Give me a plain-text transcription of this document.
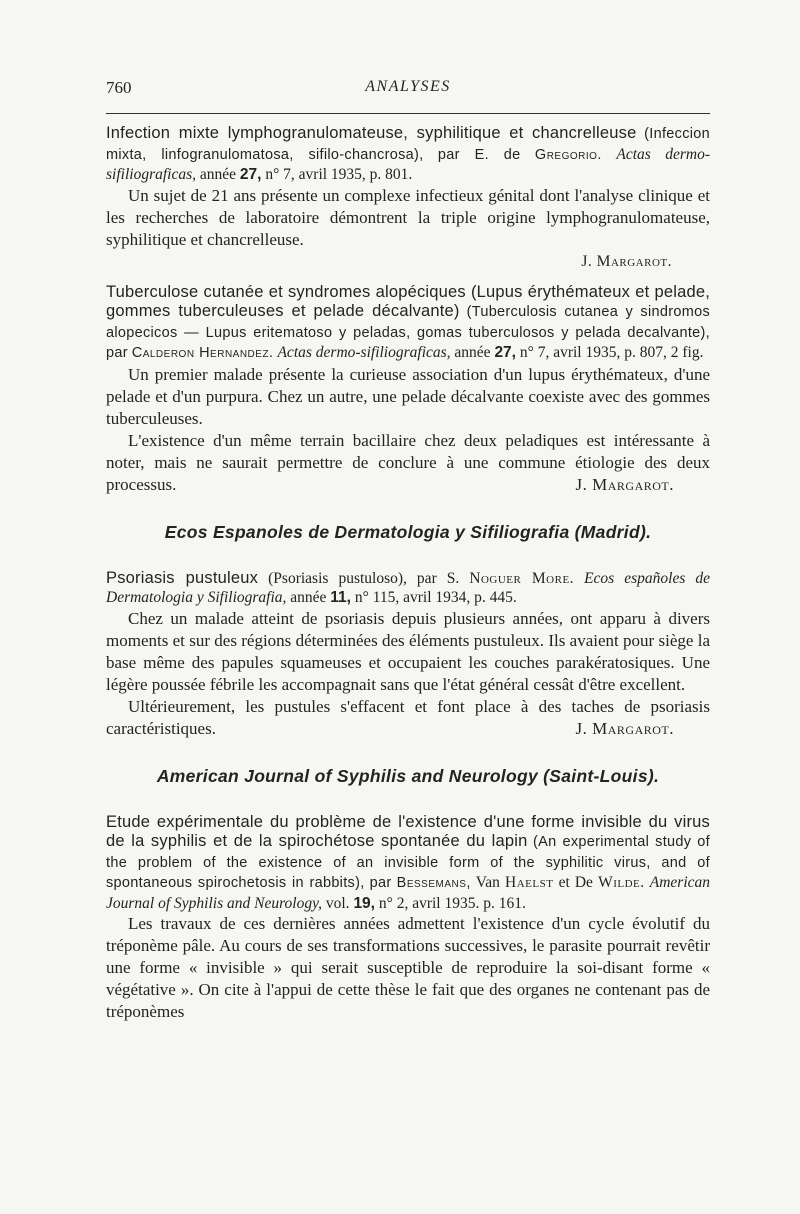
760	ANALYSES

Infection mixte lymphogranulomateuse, syphilitique et chancrelleuse (Infeccion mixta, linfogranulomatosa, sifilo-chancrosa), par E. de Gregorio. Actas dermo-sifiliograficas, année 27, n° 7, avril 1935, p. 801.

Un sujet de 21 ans présente un complexe infectieux génital dont l'analyse clinique et les recherches de laboratoire démontrent la triple origine lymphogranulomateuse, syphilitique et chancrelleuse.

J. Margarot.

Tuberculose cutanée et syndromes alopéciques (Lupus érythémateux et pelade, gommes tuberculeuses et pelade décalvante) (Tuberculosis cutanea y sindromos alopecicos — Lupus eritematoso y peladas, gomas tuberculosos y pelada decalvante), par Calderon Hernandez. Actas dermo-sifiliograficas, année 27, n° 7, avril 1935, p. 807, 2 fig.

Un premier malade présente la curieuse association d'un lupus érythémateux, d'une pelade et d'un purpura. Chez un autre, une pelade décalvante coexiste avec des gommes tuberculeuses.

L'existence d'un même terrain bacillaire chez deux peladiques est intéressante à noter, mais ne saurait permettre de conclure à une commune étiologie des deux processus.	J. Margarot.

Ecos Espanoles de Dermatologia y Sifiliografia (Madrid).

Psoriasis pustuleux (Psoriasis pustuloso), par S. Noguer More. Ecos españoles de Dermatologia y Sifiliografia, année 11, n° 115, avril 1934, p. 445.

Chez un malade atteint de psoriasis depuis plusieurs années, ont apparu à divers moments et sur des régions déterminées des éléments pustuleux. Ils avaient pour siège la base même des papules squameuses et occupaient les couches parakératosiques. Une légère poussée fébrile les accompagnait sans que l'état général cessât d'être excellent.

Ultérieurement, les pustules s'effacent et font place à des taches de psoriasis caractéristiques.	J. Margarot.

American Journal of Syphilis and Neurology (Saint-Louis).

Etude expérimentale du problème de l'existence d'une forme invisible du virus de la syphilis et de la spirochétose spontanée du lapin (An experimental study of the problem of the existence of an invisible form of the syphilitic virus, and of spontaneous spirochetosis in rabbits), par Bessemans, Van Haelst et De Wilde. American Journal of Syphilis and Neurology, vol. 19, n° 2, avril 1935. p. 161.

Les travaux de ces dernières années admettent l'existence d'un cycle évolutif du tréponème pâle. Au cours de ses transformations successives, le parasite pourrait revêtir une forme « invisible » qui serait susceptible de reproduire la soi-disant forme « végétative ». On cite à l'appui de cette thèse le fait que des organes ne contenant pas de tréponèmes
